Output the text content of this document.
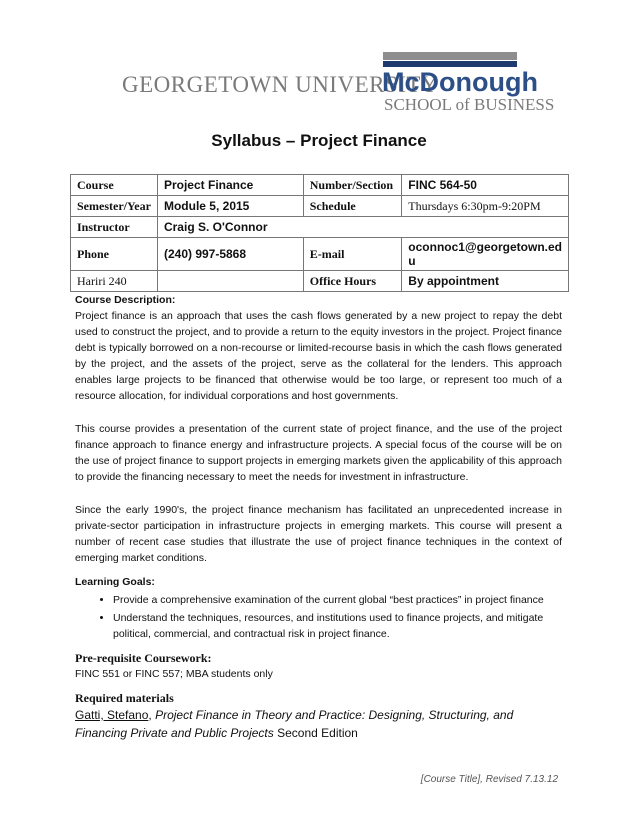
GEORGETOWN UNIVERSITY
McDonough
SCHOOL of BUSINESS
Syllabus – Project Finance
Course	Project Finance	Number/Section	FINC 564-50
Semester/Year	Module 5, 2015	Schedule	Thursdays 6:30pm-9:20PM
Instructor	Craig S. O'Connor		
Phone	(240) 997-5868	E-mail	oconnoc1@georgetown.ed u
Hariri 240		Office Hours	By appointment

Course Description:

Project finance is an approach that uses the cash flows generated by a new project to repay the debt used to construct the project, and to provide a return to the equity investors in the project. Project finance debt is typically borrowed on a non-recourse or limited-recourse basis in which the cash flows generated by the project, and the assets of the project, serve as the collateral for the lenders. This approach enables large projects to be financed that otherwise would be too large, or represent too much of a resource allocation, for individual corporations and host governments.

This course provides a presentation of the current state of project finance, and the use of the project finance approach to finance energy and infrastructure projects. A special focus of the course will be on the use of project finance to support projects in emerging markets given the applicability of this approach to provide the financing necessary to meet the needs for investment in infrastructure.

Since the early 1990's, the project finance mechanism has facilitated an unprecedented increase in private-sector participation in infrastructure projects in emerging markets. This course will present a number of recent case studies that illustrate the use of project finance techniques in the context of emerging market conditions.

Learning Goals:

• Provide a comprehensive examination of the current global “best practices” in project finance
• Understand the techniques, resources, and institutions used to finance projects, and mitigate political, commercial, and contractual risk in project finance.

Pre-requisite Coursework:

FINC 551 or FINC 557; MBA students only

Required materials

Gatti, Stefano, Project Finance in Theory and Practice: Designing, Structuring, and Financing Private and Public Projects Second Edition

[Course Title], Revised 7.13.12
